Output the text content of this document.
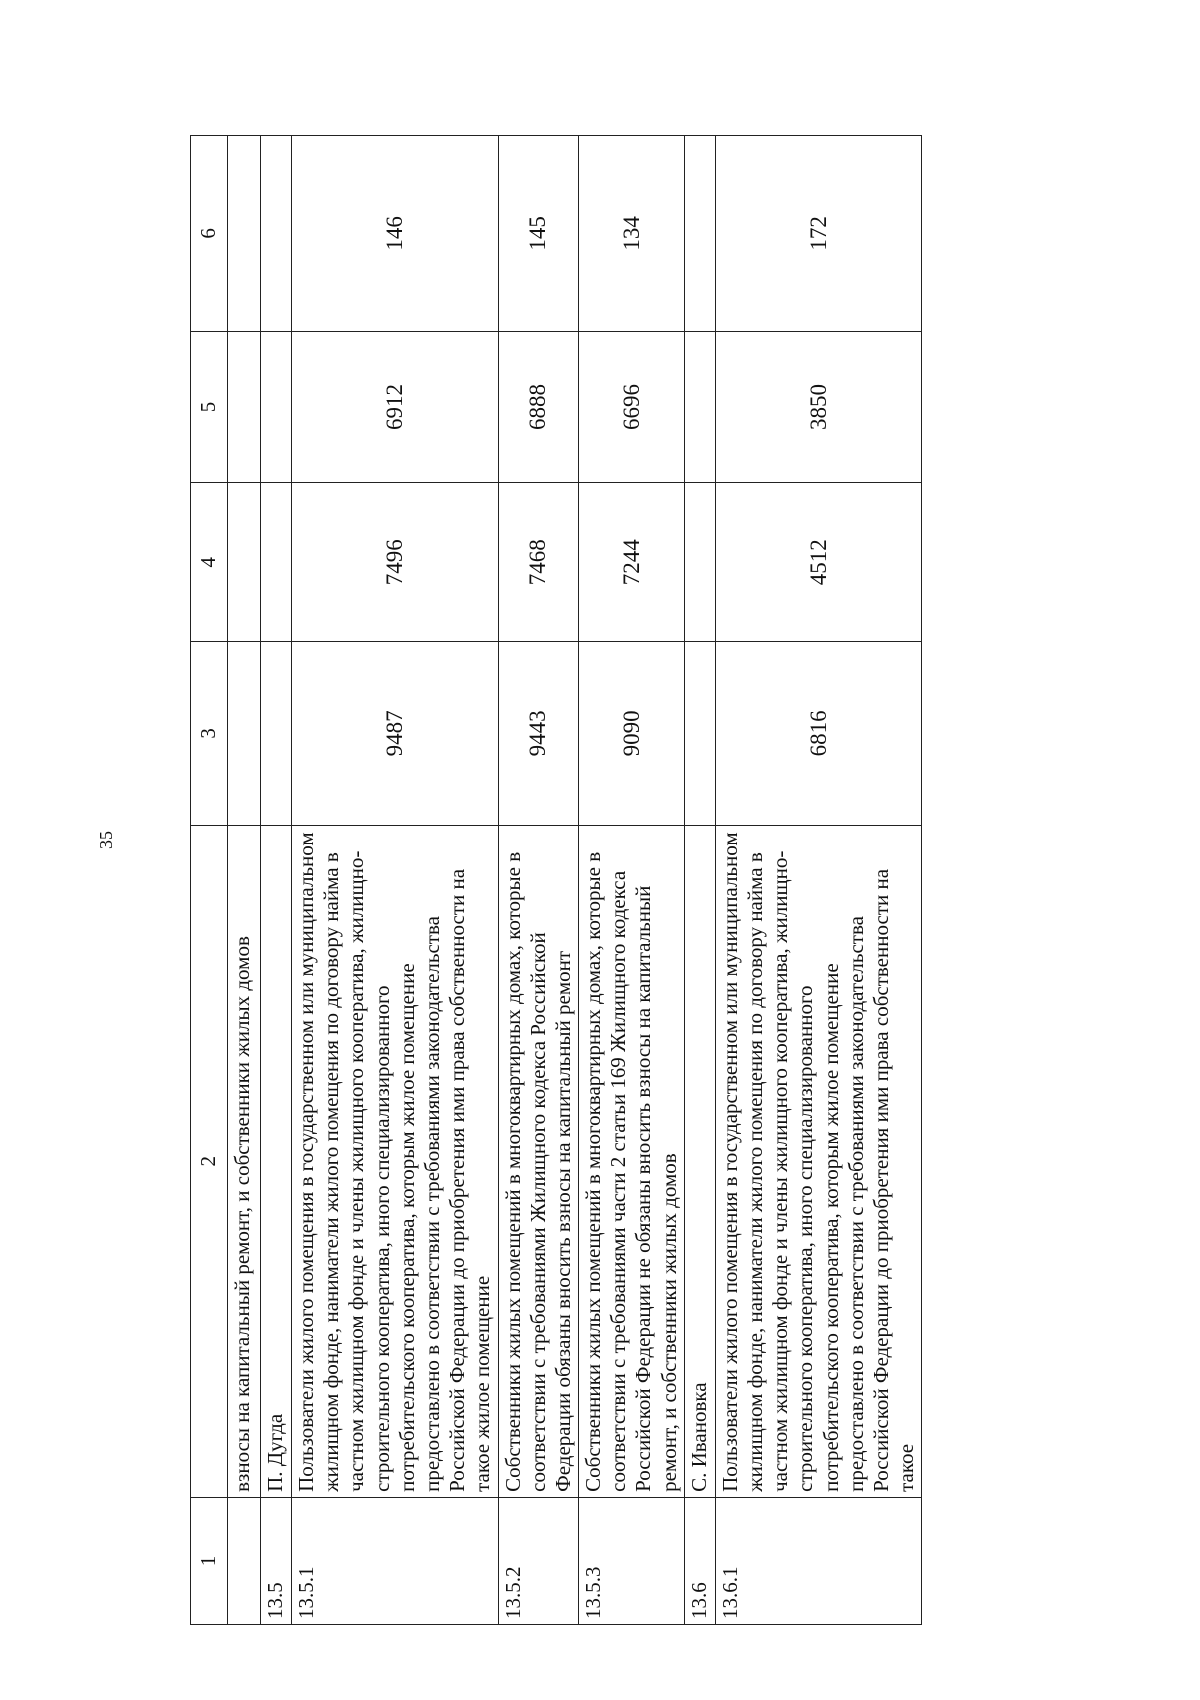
35
1	2	3	4	5	6
	взносы на капитальный ремонт, и собственники жилых домов				
13.5	П. Дугда				
13.5.1	Пользователи жилого помещения в государственном или муниципальном жилищном фонде, наниматели жилого помещения по договору найма в частном жилищном фонде и члены жилищного кооператива, жилищно-строительного кооператива, иного специализированного потребительского кооператива, которым жилое помещение предоставлено в соответствии с требованиями законодательства Российской Федерации до приобретения ими права собственности на такое жилое помещение	9487	7496	6912	146
13.5.2	Собственники жилых помещений в многоквартирных домах, которые в соответствии с требованиями Жилищного кодекса Российской Федерации обязаны вносить взносы на капитальный ремонт	9443	7468	6888	145
13.5.3	Собственники жилых помещений в многоквартирных домах, которые в соответствии с требованиями части 2 статьи 169 Жилищного кодекса Российской Федерации не обязаны вносить взносы на капитальный ремонт, и собственники жилых домов	9090	7244	6696	134
13.6	С. Ивановка				
13.6.1	Пользователи жилого помещения в государственном или муниципальном жилищном фонде, наниматели жилого помещения по договору найма в частном жилищном фонде и члены жилищного кооператива, жилищно-строительного кооператива, иного специализированного потребительского кооператива, которым жилое помещение предоставлено в соответствии с требованиями законодательства Российской Федерации до приобретения ими права собственности на такое	6816	4512	3850	172
